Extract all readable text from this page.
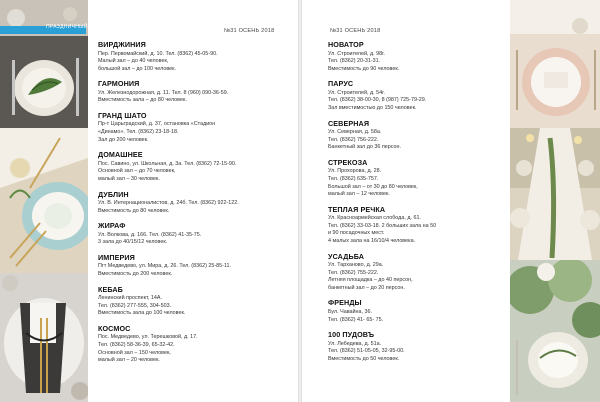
ПРАЗДНИЧНЫЙ ГИД
№31 ОСЕНЬ 2018
ВИРДЖИНИЯ
Пер. Первомайский, д. 10. Тел. (8362) 45-05-90.
Малый зал – до 40 человек,
большой зал – до 100 человек.
ГАРМОНИЯ
Ул. Железнодорожная, д. 11. Тел. 8 (960) 090-36-59.
Вместимость зала – до 80 человек.
ГРАНД ШАТО
Пр-т Царьградский, д. 37, остановка «Стадион
«Динамо». Тел. (8362) 23-18-18.
Зал до 200 человек.
ДОМАШНЕЕ
Пос. Савино, ул. Школьная, д. 3а. Тел. (8362) 72-15-90.
Основной зал – до 70 человек,
малый зал – 30 человек.
ДУБЛИН
Ул. В. Интернационалистов, д. 24б. Тел. (8362) 922-122.
Вместимость до 80 человек.
ЖИРАФ
Ул. Волкова, д. 166. Тел. (8362) 41-35-75.
3 зала до 40/15/12 человек.
ИМПЕРИЯ
Пгт Медведево, ул. Мира, д. 26. Тел. (8362) 25-85-11.
Вместимость до 200 человек.
КЕБАБ
Ленинский проспект, 14А.
Тел. (8362) 277-555, 304-503.
Вместимость зала до 100 человек.
КОСМОС
Пос. Медведево, ул. Терешковой, д. 17.
Тел. (8362) 58-36-39, 65-32-42.
Основной зал – 150 человек,
малый зал – 20 человек.
№31 ОСЕНЬ 2018
НОВАТОР
Ул. Строителей, д. 98г.
Тел. (8362) 20-31-31.
Вместимость до 90 человек.
ПАРУС
Ул. Строителей, д. 54г.
Тел. (8362) 38-00-30, 8 (987) 725-79-29.
Зал вместимостью до 150 человек.
СЕВЕРНАЯ
Ул. Северная, д. 58а.
Тел. (8362) 756-222.
Банкетный зал до 36 персон.
СТРЕКОЗА
Ул. Прохорова, д. 28.
Тел. (8362) 635-757.
Большой зал – от 30 до 80 человек,
малый зал – 12 человек.
ТЕПЛАЯ РЕЧКА
Ул. Красноармейская слобода, д. 61.
Тел. (8362) 33-03-18. 2 больших зала на 50
и 90 посадочных мест.
4 малых зала на 16/10/4 человека.
УСАДЬБА
Ул. Тарханово, д. 29а.
Тел. (8362) 755-222.
Летняя площадка – до 40 персон,
банкетный зал – до 20 персон.
ФРЕНДЫ
Бул. Чавайна, 36.
Тел. (8362) 41- 65- 75.
100 ПУДОВЪ
Ул. Лебедева, д. 51а.
Тел. (8362) 51-05-05, 32-95-00.
Вместимость до 50 человек.
